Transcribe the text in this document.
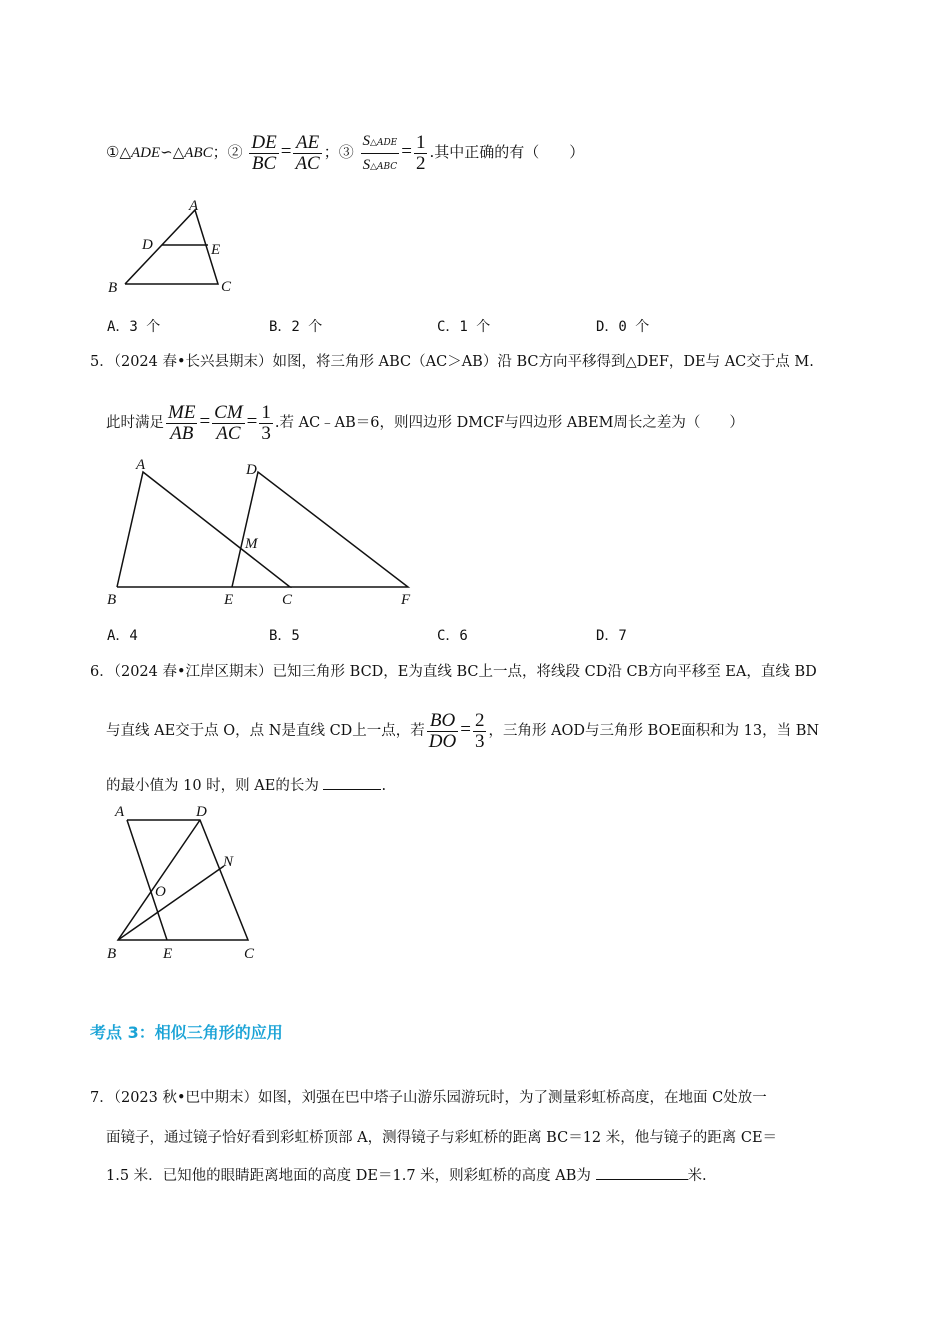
①△ADE∽△ABC；② $\frac{DE}{BC} = \frac{AE}{AC}$ ；③ $\frac{\text{S△ADE}}{\text{S△ABC}} = \frac{1}{2}$ .其中正确的有（　　）
A
D	E
B	C
A．3 个	B．2 个	C．1 个	D．0 个
5．（2024 春•长兴县期末）如图，将三角形 ABC（AC＞AB）沿 BC方向平移得到△DEF，DE与 AC交于点 M.
此时满足 $\frac{ME}{AB} = \frac{CM}{AC} = \frac{1}{3}$ .若 AC﹣AB＝6，则四边形 DMCF与四边形 ABEM周长之差为（　　）
A	D
M
B	E	C	F
A．4	B．5	C．6	D．7
6．（2024 春•江岸区期末）已知三角形 BCD，E为直线 BC上一点，将线段 CD沿 CB方向平移至 EA，直线 BD
与直线 AE交于点 O，点 N是直线 CD上一点，若 $\frac{BO}{DO} = \frac{2}{3}$ ，三角形 AOD与三角形 BOE面积和为 13，当 BN
的最小值为 10 时，则 AE的长为	.
A	D
N
O
B	E	C
考点 3：相似三角形的应用
7．（2023 秋•巴中期末）如图，刘强在巴中塔子山游乐园游玩时，为了测量彩虹桥高度，在地面 C处放一
面镜子，通过镜子恰好看到彩虹桥顶部 A，测得镜子与彩虹桥的距离 BC＝12 米，他与镜子的距离 CE＝
1.5 米．已知他的眼睛距离地面的高度 DE＝1.7 米，则彩虹桥的高度 AB为	米.
